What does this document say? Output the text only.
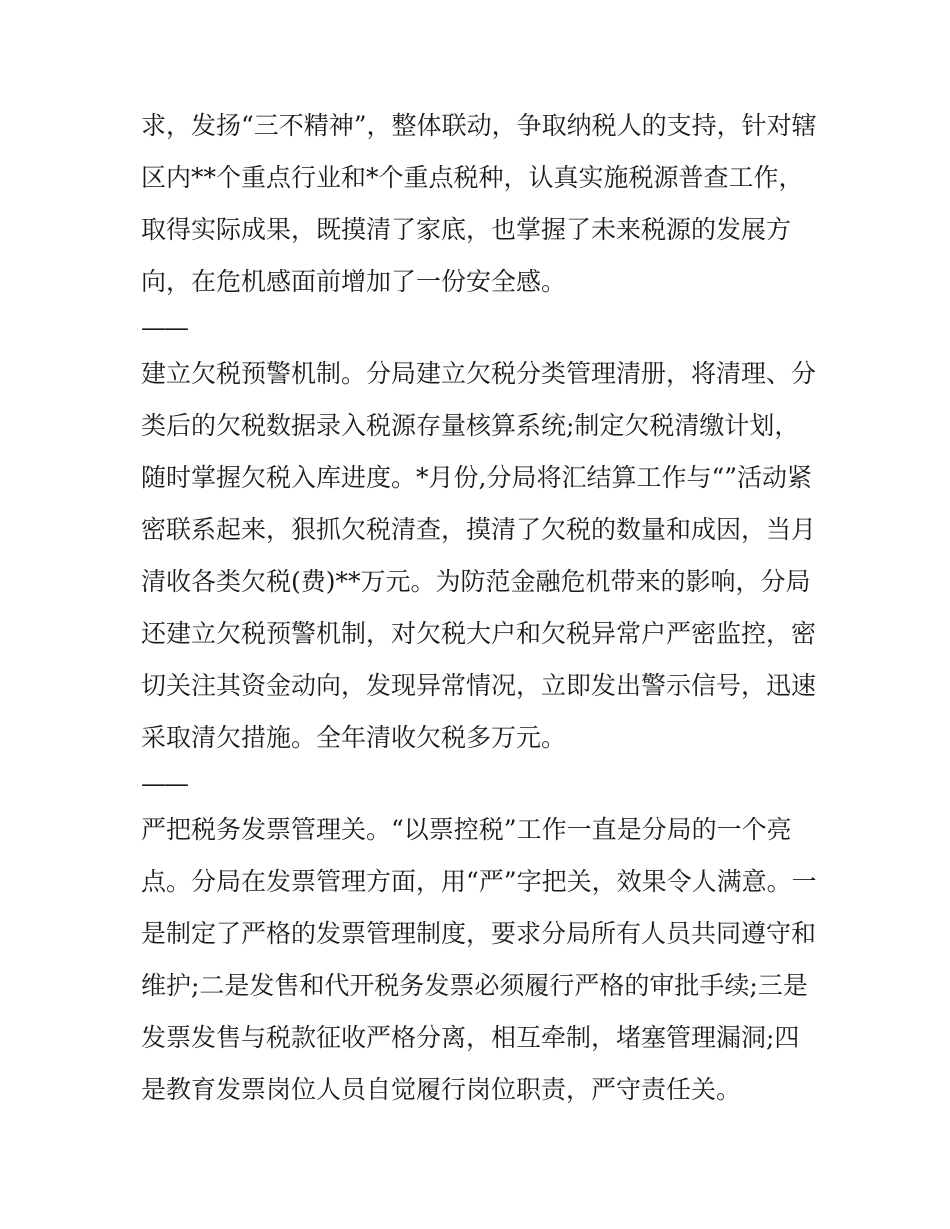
求，发扬“三不精神”，整体联动，争取纳税人的支持，针对辖
区内**个重点行业和*个重点税种，认真实施税源普查工作，
取得实际成果，既摸清了家底，也掌握了未来税源的发展方
向，在危机感面前增加了一份安全感。
——
建立欠税预警机制。分局建立欠税分类管理清册，将清理、分
类后的欠税数据录入税源存量核算系统;制定欠税清缴计划，
随时掌握欠税入库进度。*月份,分局将汇结算工作与“”活动紧
密联系起来，狠抓欠税清查，摸清了欠税的数量和成因，当月
清收各类欠税(费)**万元。为防范金融危机带来的影响，分局
还建立欠税预警机制，对欠税大户和欠税异常户严密监控，密
切关注其资金动向，发现异常情况，立即发出警示信号，迅速
采取清欠措施。全年清收欠税多万元。
——
严把税务发票管理关。“以票控税”工作一直是分局的一个亮
点。分局在发票管理方面，用“严”字把关，效果令人满意。一
是制定了严格的发票管理制度，要求分局所有人员共同遵守和
维护;二是发售和代开税务发票必须履行严格的审批手续;三是
发票发售与税款征收严格分离，相互牵制，堵塞管理漏洞;四
是教育发票岗位人员自觉履行岗位职责，严守责任关。
